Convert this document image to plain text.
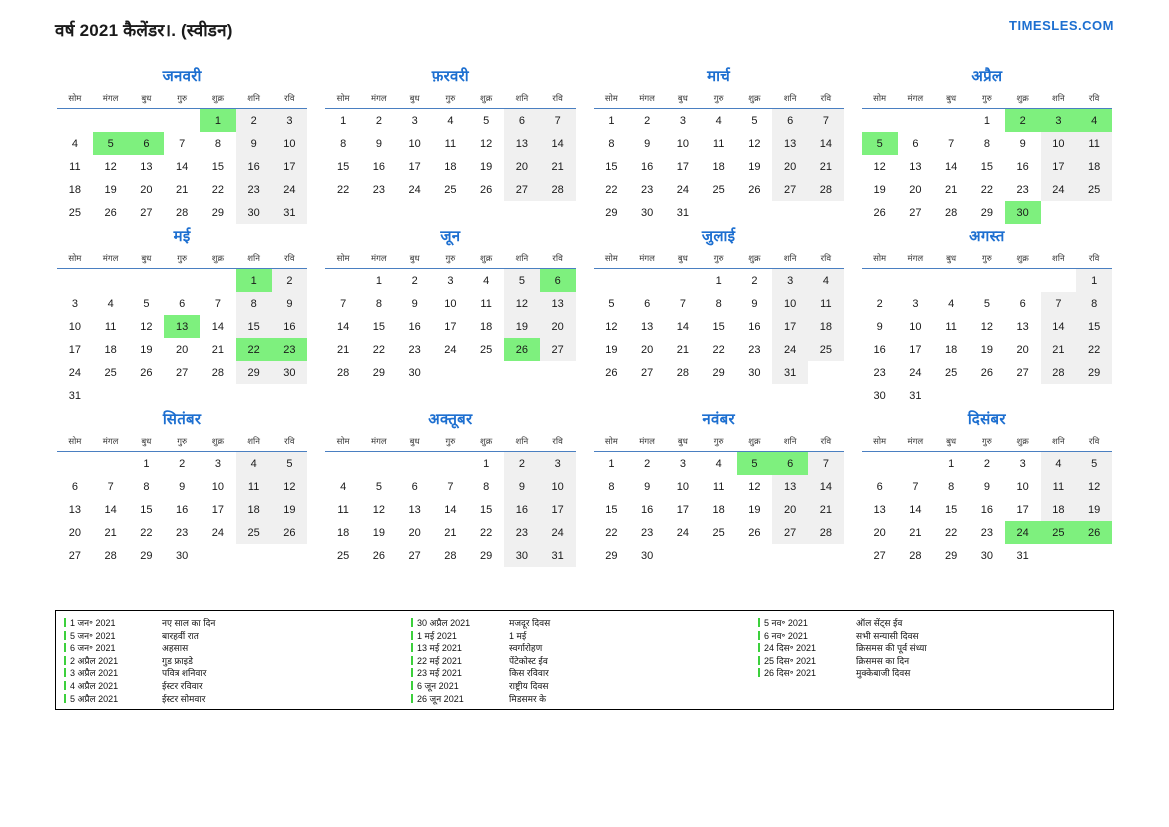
वर्ष 2021 कैलेंडर।. (स्वीडन)	TIMESLES.COM
जनवरी
सोम	मंगल	बुध	गुरु	शुक्र	शनि	रवि
				1	2	3
4	5	6	7	8	9	10
11	12	13	14	15	16	17
18	19	20	21	22	23	24
25	26	27	28	29	30	31
फ़रवरी
सोम	मंगल	बुध	गुरु	शुक्र	शनि	रवि
1	2	3	4	5	6	7
8	9	10	11	12	13	14
15	16	17	18	19	20	21
22	23	24	25	26	27	28
मार्च
सोम	मंगल	बुध	गुरु	शुक्र	शनि	रवि
1	2	3	4	5	6	7
8	9	10	11	12	13	14
15	16	17	18	19	20	21
22	23	24	25	26	27	28
29	30	31				
अप्रैल
सोम	मंगल	बुध	गुरु	शुक्र	शनि	रवि
			1	2	3	4
5	6	7	8	9	10	11
12	13	14	15	16	17	18
19	20	21	22	23	24	25
26	27	28	29	30		
मई
सोम	मंगल	बुध	गुरु	शुक्र	शनि	रवि
					1	2
3	4	5	6	7	8	9
10	11	12	13	14	15	16
17	18	19	20	21	22	23
24	25	26	27	28	29	30
31						
जून
सोम	मंगल	बुध	गुरु	शुक्र	शनि	रवि
	1	2	3	4	5	6
7	8	9	10	11	12	13
14	15	16	17	18	19	20
21	22	23	24	25	26	27
28	29	30				
जुलाई
सोम	मंगल	बुध	गुरु	शुक्र	शनि	रवि
			1	2	3	4
5	6	7	8	9	10	11
12	13	14	15	16	17	18
19	20	21	22	23	24	25
26	27	28	29	30	31	
अगस्त
सोम	मंगल	बुध	गुरु	शुक्र	शनि	रवि
						1
2	3	4	5	6	7	8
9	10	11	12	13	14	15
16	17	18	19	20	21	22
23	24	25	26	27	28	29
30	31					
सितंबर
सोम	मंगल	बुध	गुरु	शुक्र	शनि	रवि
		1	2	3	4	5
6	7	8	9	10	11	12
13	14	15	16	17	18	19
20	21	22	23	24	25	26
27	28	29	30			
अक्तूबर
सोम	मंगल	बुध	गुरु	शुक्र	शनि	रवि
				1	2	3
4	5	6	7	8	9	10
11	12	13	14	15	16	17
18	19	20	21	22	23	24
25	26	27	28	29	30	31
नवंबर
सोम	मंगल	बुध	गुरु	शुक्र	शनि	रवि
1	2	3	4	5	6	7
8	9	10	11	12	13	14
15	16	17	18	19	20	21
22	23	24	25	26	27	28
29	30					
दिसंबर
सोम	मंगल	बुध	गुरु	शुक्र	शनि	रवि
		1	2	3	4	5
6	7	8	9	10	11	12
13	14	15	16	17	18	19
20	21	22	23	24	25	26
27	28	29	30	31		
1 जन॰ 2021	नए साल का दिन
5 जन॰ 2021	बारहवीं रात
6 जन॰ 2021	अहसास
2 अप्रैल 2021	गुड फ्राइडे
3 अप्रैल 2021	पवित्र शनिवार
4 अप्रैल 2021	ईस्टर रविवार
5 अप्रैल 2021	ईस्टर सोमवार
30 अप्रैल 2021	मजदूर दिवस
1 मई 2021	1 मई
13 मई 2021	स्वर्गारोहण
22 मई 2021	पेंटेकोस्ट ईव
23 मई 2021	किस रविवार
6 जून 2021	राष्ट्रीय दिवस
26 जून 2021	मिडसमर के
5 नव॰ 2021	ऑल सेंट्स ईव
6 नव॰ 2021	सभी सन्यासी दिवस
24 दिस॰ 2021	क्रिसमस की पूर्व संध्या
25 दिस॰ 2021	क्रिसमस का दिन
26 दिस॰ 2021	मुक्केबाजी दिवस
